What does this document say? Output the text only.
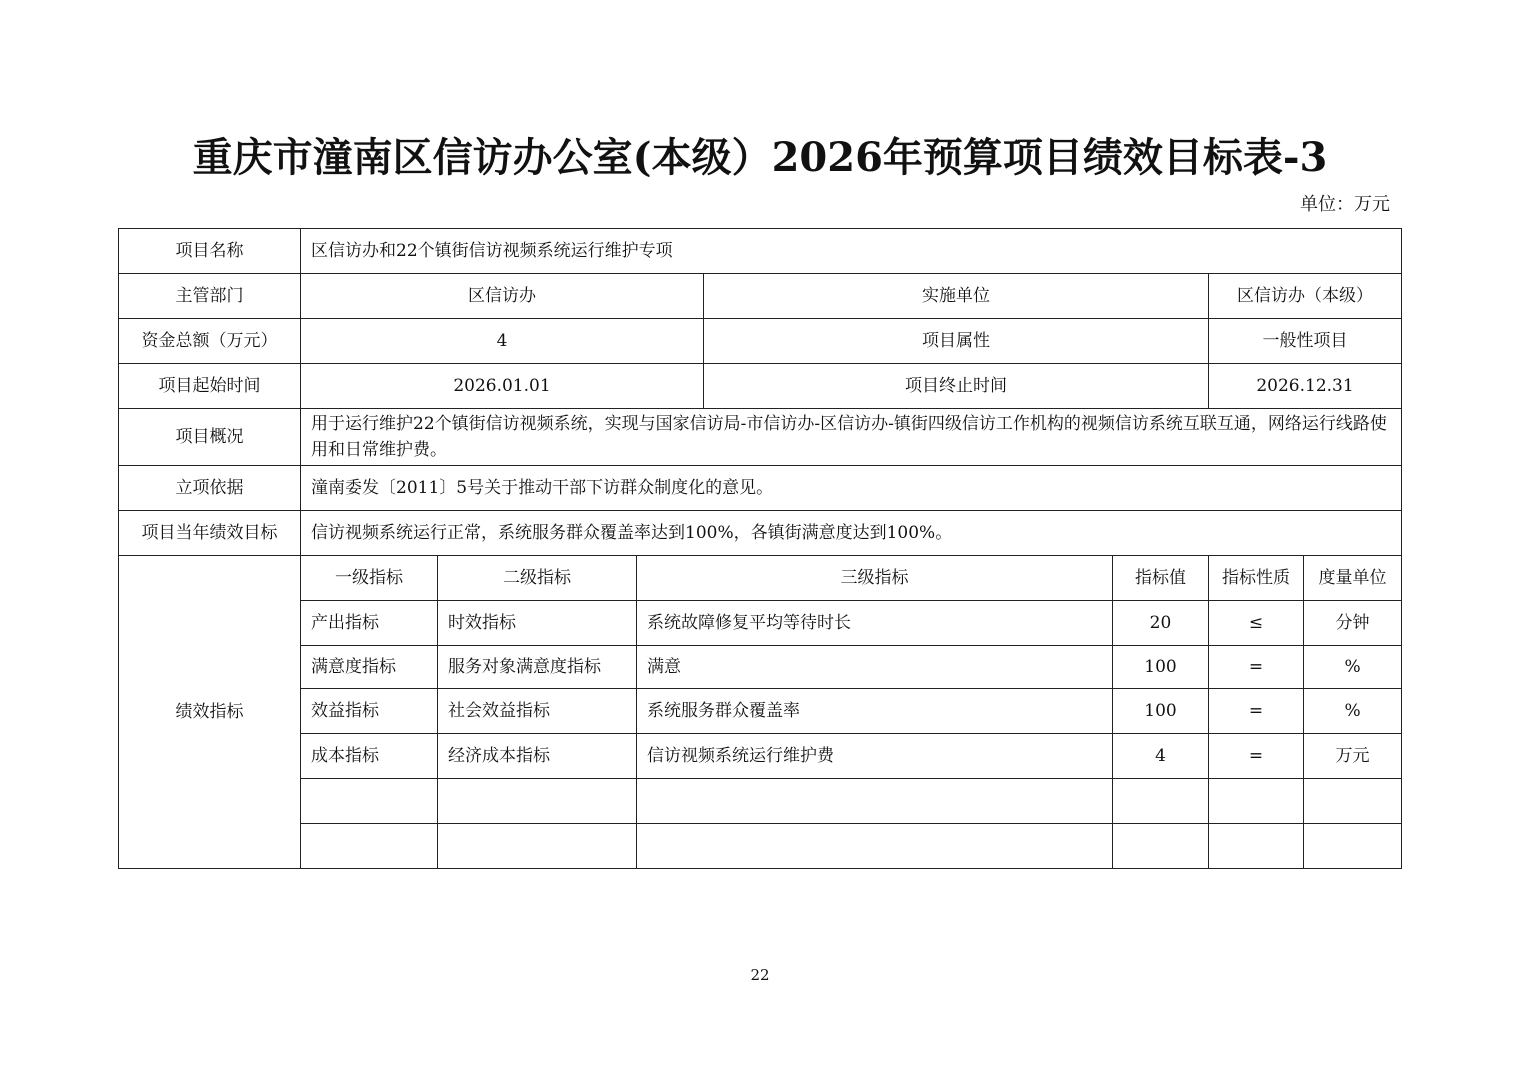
重庆市潼南区信访办公室(本级）2026年预算项目绩效目标表-3
单位：万元
项目名称	区信访办和22个镇街信访视频系统运行维护专项						
主管部门	区信访办			实施单位		区信访办（本级）	
资金总额（万元）	4			项目属性		一般性项目	
项目起始时间	2026.01.01			项目终止时间		2026.12.31	
项目概况	用于运行维护22个镇街信访视频系统，实现与国家信访局-市信访办-区信访办-镇街四级信访工作机构的视频信访系统互联互通，网络运行线路使用和日常维护费。						
立项依据	潼南委发〔2011〕5号关于推动干部下访群众制度化的意见。						
项目当年绩效目标	信访视频系统运行正常，系统服务群众覆盖率达到100%，各镇街满意度达到100%。						
绩效指标	一级指标	二级指标	三级指标		指标值	指标性质	度量单位
	产出指标	时效指标	系统故障修复平均等待时长		20	≤	分钟
	满意度指标	服务对象满意度指标	满意		100	=	%
	效益指标	社会效益指标	系统服务群众覆盖率		100	=	%
	成本指标	经济成本指标	信访视频系统运行维护费		4	=	万元

22
